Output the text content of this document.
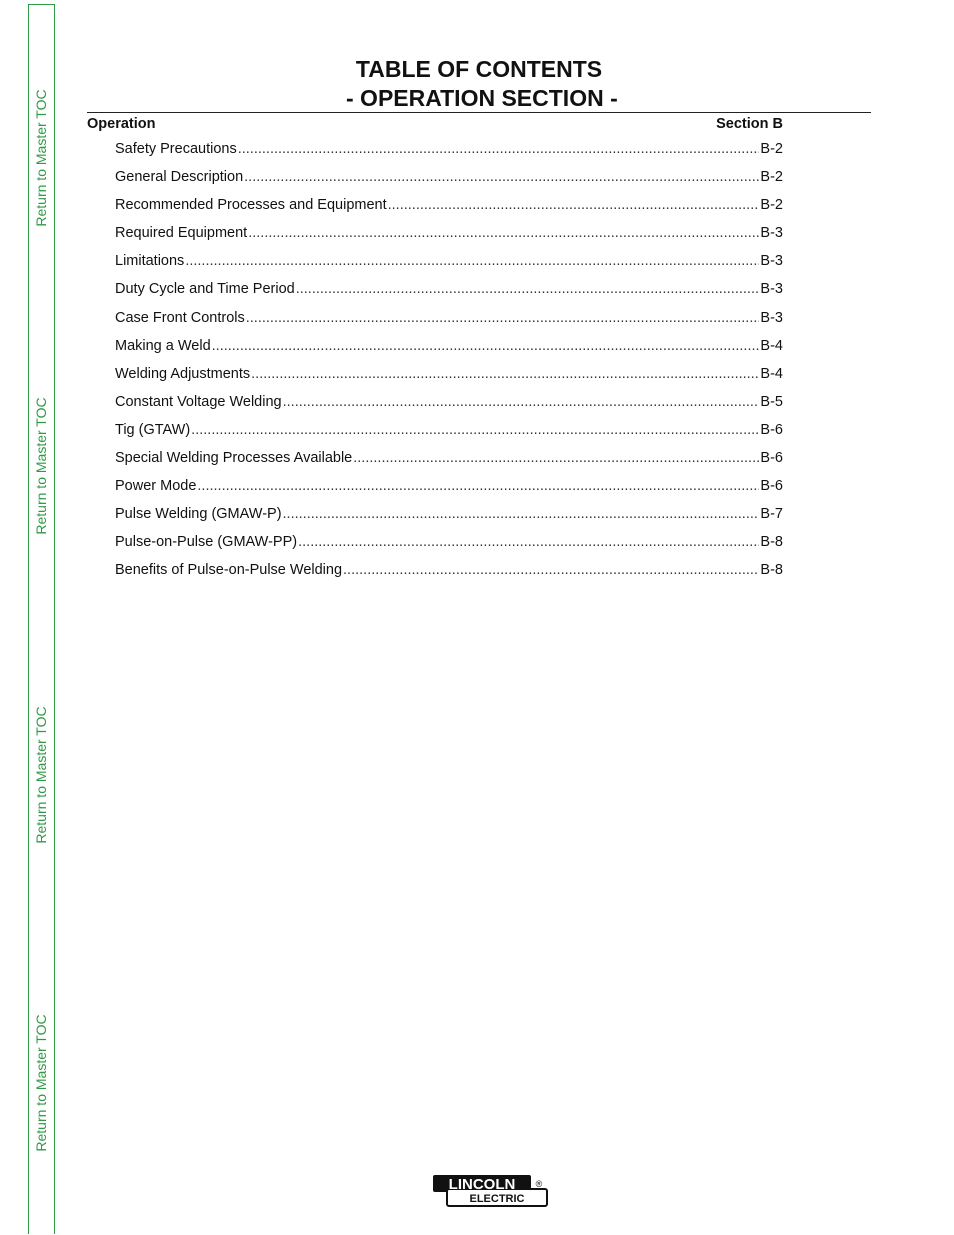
Return to Master TOC
Return to Master TOC
Return to Master TOC
Return to Master TOC
TABLE OF CONTENTS
- OPERATION SECTION -
Operation	Section B
Safety Precautions .....	B-2
General Description .....	B-2
Recommended Processes and Equipment .....	B-2
Required Equipment .....	B-3
Limitations .....	B-3
Duty Cycle and Time Period .....	B-3
Case Front Controls .....	B-3
Making a Weld .....	B-4
Welding Adjustments .....	B-4
Constant Voltage Welding .....	B-5
Tig (GTAW) .....	B-6
Special Welding Processes Available .....	B-6
Power Mode .....	B-6
Pulse Welding (GMAW-P) .....	B-7
Pulse-on-Pulse (GMAW-PP) .....	B-8
Benefits of Pulse-on-Pulse Welding .....	B-8
LINCOLN
ELECTRIC
®
